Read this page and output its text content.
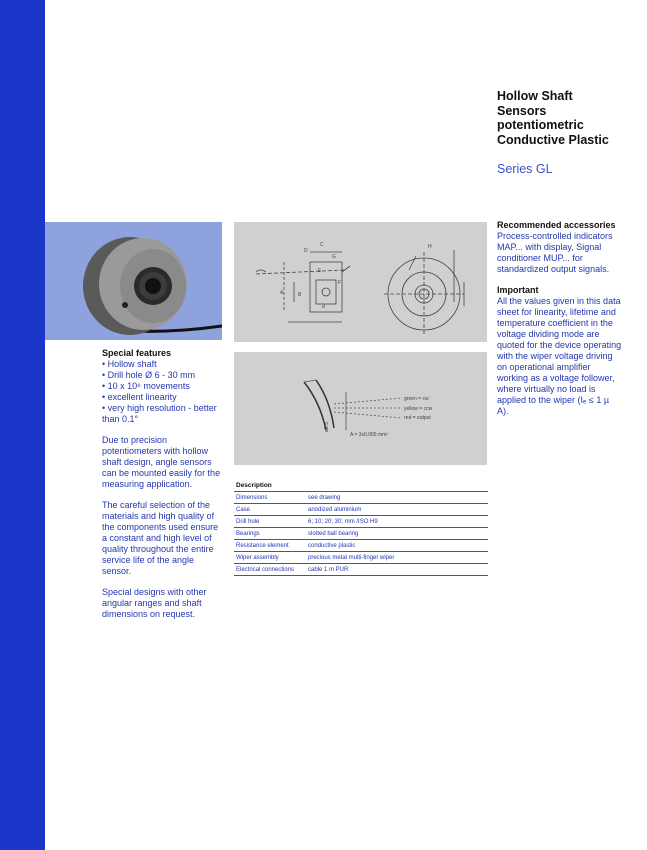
Hollow Shaft
Sensors
potentiometric
Conductive Plastic
Series GL
Special features
• Hollow shaft
• Drill hole Ø 6 - 30 mm
• 10 x 10⁶ movements
• excellent linearity
• very high resolution - better than 0.1°
Due to precision potentiometers with hollow shaft design, angle sensors can be mounted easily for the measuring application.
The careful selection of the materials and high quality of the components used ensure a constant and high level of quality throughout the entire service life of the angle sensor.
Special designs with other angular ranges and shaft dimensions on request.
C
D
G
E
F
A	B
d
H
ø2.5
green = cw
yellow = ccw
red = output
A = 3x0,065 mm²
Description
Dimensions	see drawing
Case	anodized aluminium
Drill hole	6; 10; 20; 30; mm /ISO H9
Bearings	slotted ball bearing
Resistance element	conductive plastic
Wiper assembly	precious metal multi-finger wiper
Electrical connections	cable 1 m PUR
Recommended accessories
Process-controlled indicators MAP... with display, Signal conditioner MUP... for standardized output signals.
Important
All the values given in this data sheet for linearity, lifetime and temperature coefficient in the voltage dividing mode are quoted for the device operating with the wiper voltage driving on operational amplifier working as a voltage follower, where virtually no load is applied to the wiper (Iₑ ≤ 1 µ A).
